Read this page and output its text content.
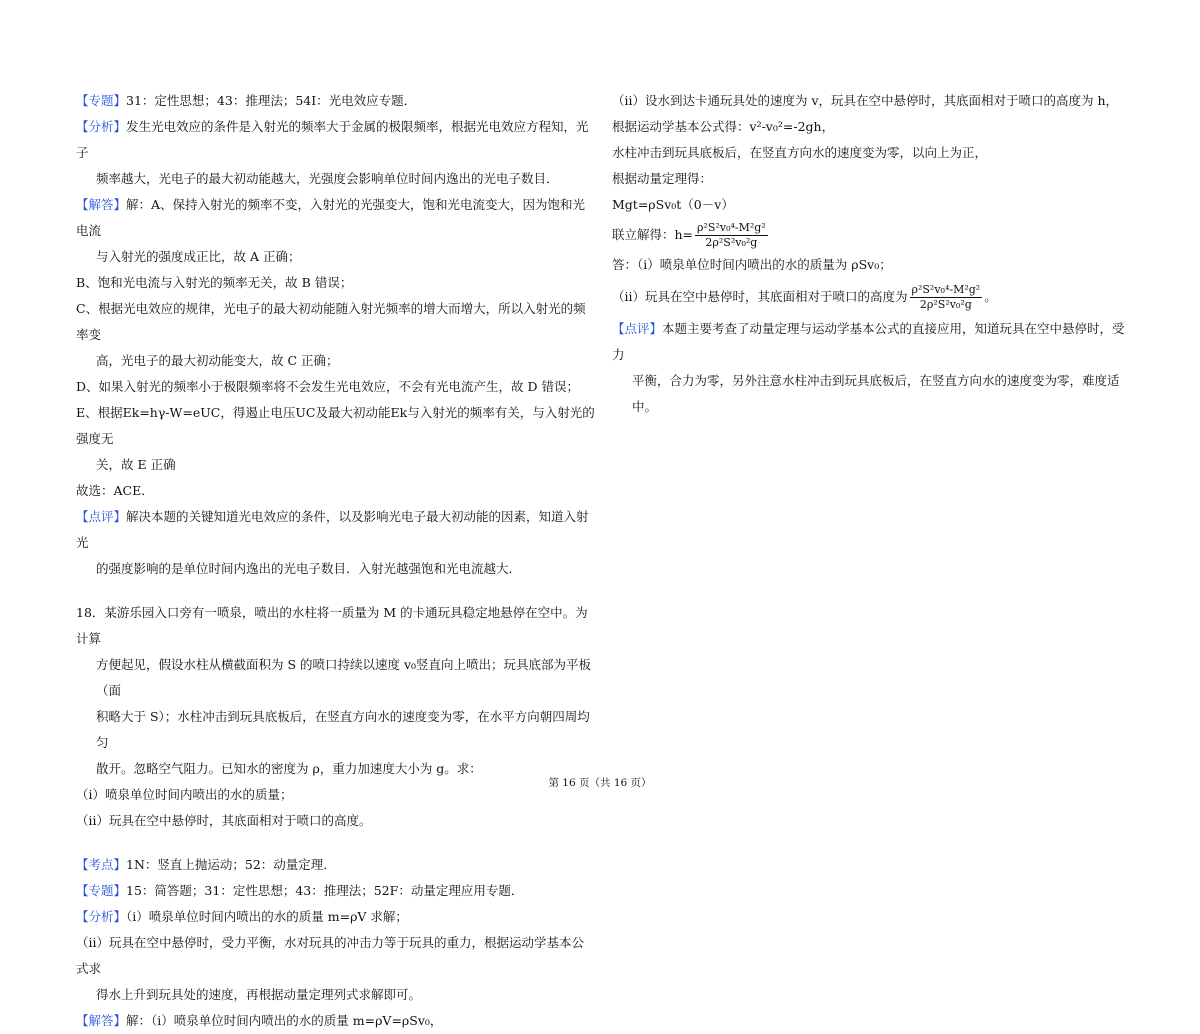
【专题】31：定性思想；43：推理法；54I：光电效应专题．

【分析】发生光电效应的条件是入射光的频率大于金属的极限频率，根据光电效应方程知，光子

频率越大，光电子的最大初动能越大，光强度会影响单位时间内逸出的光电子数目．

【解答】解：A、保持入射光的频率不变，入射光的光强变大，饱和光电流变大，因为饱和光电流

与入射光的强度成正比，故 A 正确；

B、饱和光电流与入射光的频率无关，故 B 错误；

C、根据光电效应的规律，光电子的最大初动能随入射光频率的增大而增大，所以入射光的频率变

高，光电子的最大初动能变大，故 C 正确；

D、如果入射光的频率小于极限频率将不会发生光电效应，不会有光电流产生，故 D 错误；

E、根据Ek=hγ-W=eUC，得遏止电压UC及最大初动能Ek与入射光的频率有关，与入射光的强度无

关，故 E 正确

故选：ACE．

【点评】解决本题的关键知道光电效应的条件，以及影响光电子最大初动能的因素，知道入射光

的强度影响的是单位时间内逸出的光电子数目．入射光越强饱和光电流越大．

18．某游乐园入口旁有一喷泉，喷出的水柱将一质量为 M 的卡通玩具稳定地悬停在空中。为计算

方便起见，假设水柱从横截面积为 S 的喷口持续以速度 v₀竖直向上喷出；玩具底部为平板（面

积略大于 S）；水柱冲击到玩具底板后，在竖直方向水的速度变为零，在水平方向朝四周均匀

散开。忽略空气阻力。已知水的密度为 ρ，重力加速度大小为 g。求：

（i）喷泉单位时间内喷出的水的质量；

（ii）玩具在空中悬停时，其底面相对于喷口的高度。

【考点】1N：竖直上抛运动；52：动量定理．

【专题】15：简答题；31：定性思想；43：推理法；52F：动量定理应用专题．

【分析】（i）喷泉单位时间内喷出的水的质量 m=ρV 求解；

（ii）玩具在空中悬停时，受力平衡，水对玩具的冲击力等于玩具的重力，根据运动学基本公式求

得水上升到玩具处的速度，再根据动量定理列式求解即可。

【解答】解：（i）喷泉单位时间内喷出的水的质量 m=ρV=ρSv₀，

（ii）设水到达卡通玩具处的速度为 v，玩具在空中悬停时，其底面相对于喷口的高度为 h，

根据运动学基本公式得：v²-v₀²=-2gh，

水柱冲击到玩具底板后，在竖直方向水的速度变为零，以向上为正，

根据动量定理得：

Mgt=ρSv₀t（0－v）

联立解得：$h= \frac{\text{ρ²S²v₀⁴-M²g²}}{\text{2ρ²S²v₀²g}}$

答：（i）喷泉单位时间内喷出的水的质量为 ρSv₀；

（ii）玩具在空中悬停时，其底面相对于喷口的高度为 $\frac{\text{ρ²S²v₀⁴-M²g²}}{\text{2ρ²S²v₀²g}}$ 。

【点评】本题主要考查了动量定理与运动学基本公式的直接应用，知道玩具在空中悬停时，受力

平衡，合力为零，另外注意水柱冲击到玩具底板后，在竖直方向水的速度变为零，难度适中。

第 16 页（共 16 页）
